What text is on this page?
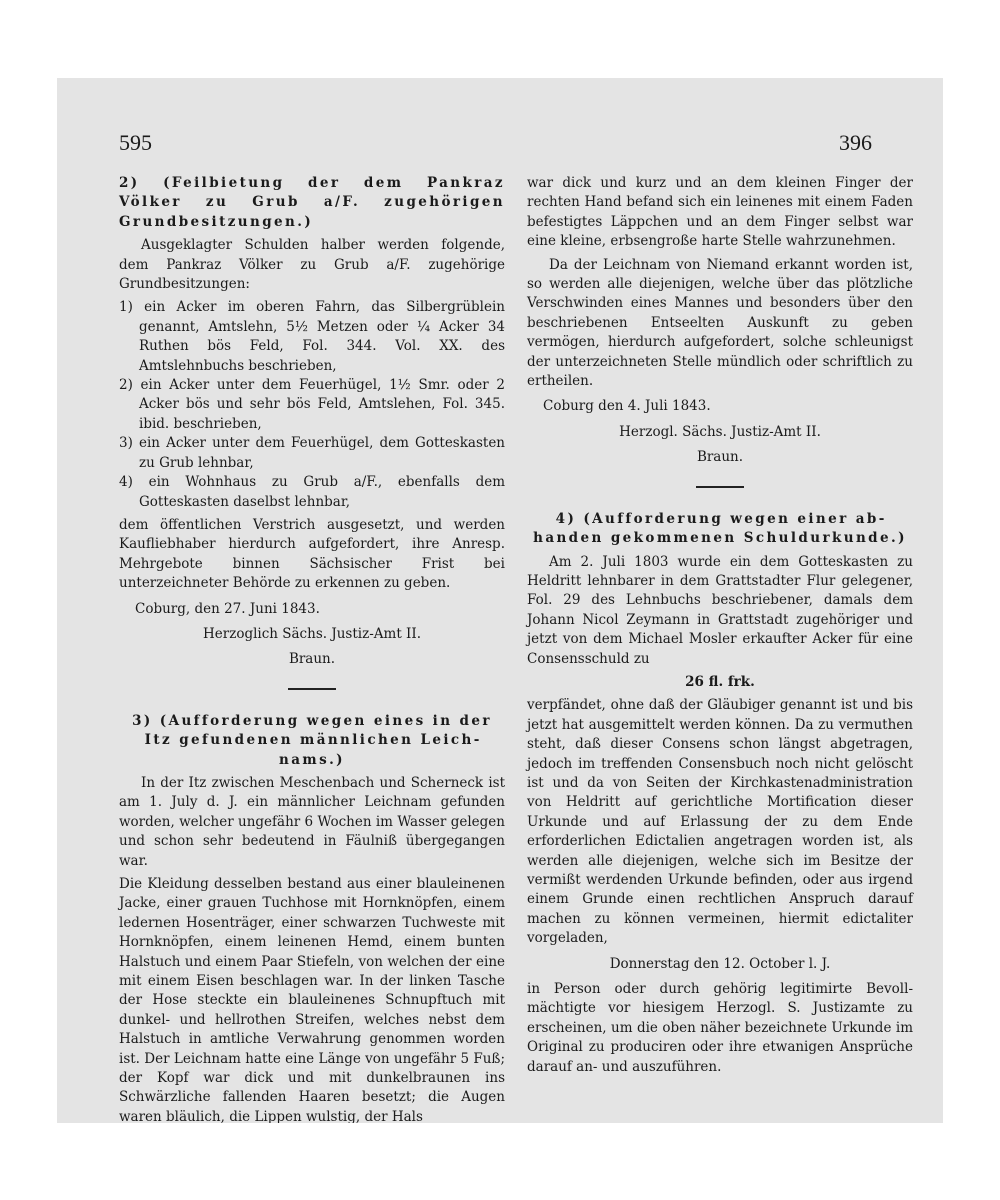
595	396

2) (Feilbietung der dem Pankraz Völker zu Grub a/F. zugehörigen Grundbesitzungen.)

Ausgeklagter Schulden halber werden folgende, dem Pankraz Völker zu Grub a/F. zugehörige Grundbesitzungen:

1) ein Acker im oberen Fahrn, das Silbergrüblein genannt, Amtslehn, 5½ Metzen oder ¼ Acker 34 Ruthen bös Feld, Fol. 344. Vol. XX. des Amtslehnbuchs beschrieben,
2) ein Acker unter dem Feuerhügel, 1½ Smr. oder 2 Acker bös und sehr bös Feld, Amtslehen, Fol. 345. ibid. beschrieben,
3) ein Acker unter dem Feuerhügel, dem Gotteskasten zu Grub lehnbar,
4) ein Wohnhaus zu Grub a/F., ebenfalls dem Gotteskasten daselbst lehnbar,

dem öffentlichen Verstrich ausgesetzt, und werden Kaufliebhaber hierdurch aufgefordert, ihre Anresp. Mehrgebote binnen Sächsischer Frist bei unterzeichneter Behörde zu erkennen zu geben.

Coburg, den 27. Juni 1843.

Herzoglich Sächs. Justiz-Amt II.

Braun.

3) (Aufforderung wegen eines in der Itz gefundenen männlichen Leichnams.)

In der Itz zwischen Meschenbach und Scherneck ist am 1. July d. J. ein männlicher Leichnam gefunden worden, welcher ungefähr 6 Wochen im Wasser gelegen und schon sehr bedeutend in Fäulniß übergegangen war.

Die Kleidung desselben bestand aus einer blauleinenen Jacke, einer grauen Tuchhose mit Hornknöpfen, einem ledernen Hosenträger, einer schwarzen Tuchweste mit Hornknöpfen, einem leinenen Hemd, einem bunten Halstuch und einem Paar Stiefeln, von welchen der eine mit einem Eisen beschlagen war. In der linken Tasche der Hose steckte ein blauleinenes Schnupftuch mit dunkel- und hellrothen Streifen, welches nebst dem Halstuch in amtliche Verwahrung genommen worden ist. Der Leichnam hatte eine Länge von ungefähr 5 Fuß; der Kopf war dick und mit dunkelbraunen ins Schwärzliche fallenden Haaren besetzt; die Augen waren bläulich, die Lippen wulstig, der Hals

war dick und kurz und an dem kleinen Finger der rechten Hand befand sich ein leinenes mit einem Faden befestigtes Läppchen und an dem Finger selbst war eine kleine, erbsengroße harte Stelle wahrzunehmen.

Da der Leichnam von Niemand erkannt worden ist, so werden alle diejenigen, welche über das plötzliche Verschwinden eines Mannes und besonders über den beschriebenen Entseelten Auskunft zu geben vermögen, hierdurch aufgefordert, solche schleunigst der unterzeichneten Stelle mündlich oder schriftlich zu ertheilen.

Coburg den 4. Juli 1843.

Herzogl. Sächs. Justiz-Amt II.

Braun.

4) (Aufforderung wegen einer abhanden gekommenen Schuldurkunde.)

Am 2. Juli 1803 wurde ein dem Gotteskasten zu Heldritt lehnbarer in dem Grattstadter Flur gelegener, Fol. 29 des Lehnbuchs beschriebener, damals dem Johann Nicol Zeymann in Grattstadt zugehöriger und jetzt von dem Michael Mosler erkaufter Acker für eine Consensschuld zu

26 fl. frk.

verpfändet, ohne daß der Gläubiger genannt ist und bis jetzt hat ausgemittelt werden können. Da zu vermuthen steht, daß dieser Consens schon längst abgetragen, jedoch im treffenden Consensbuch noch nicht gelöscht ist und da von Seiten der Kirchkastenadministration von Heldritt auf gerichtliche Mortification dieser Urkunde und auf Erlassung der zu dem Ende erforderlichen Edictalien angetragen worden ist, als werden alle diejenigen, welche sich im Besitze der vermißt werdenden Urkunde befinden, oder aus irgend einem Grunde einen rechtlichen Anspruch darauf machen zu können vermeinen, hiermit edictaliter vorgeladen,

Donnerstag den 12. October l. J.

in Person oder durch gehörig legitimirte Bevollmächtigte vor hiesigem Herzogl. S. Justizamte zu erscheinen, um die oben näher bezeichnete Urkunde im Original zu produciren oder ihre etwanigen Ansprüche darauf an- und auszuführen.
